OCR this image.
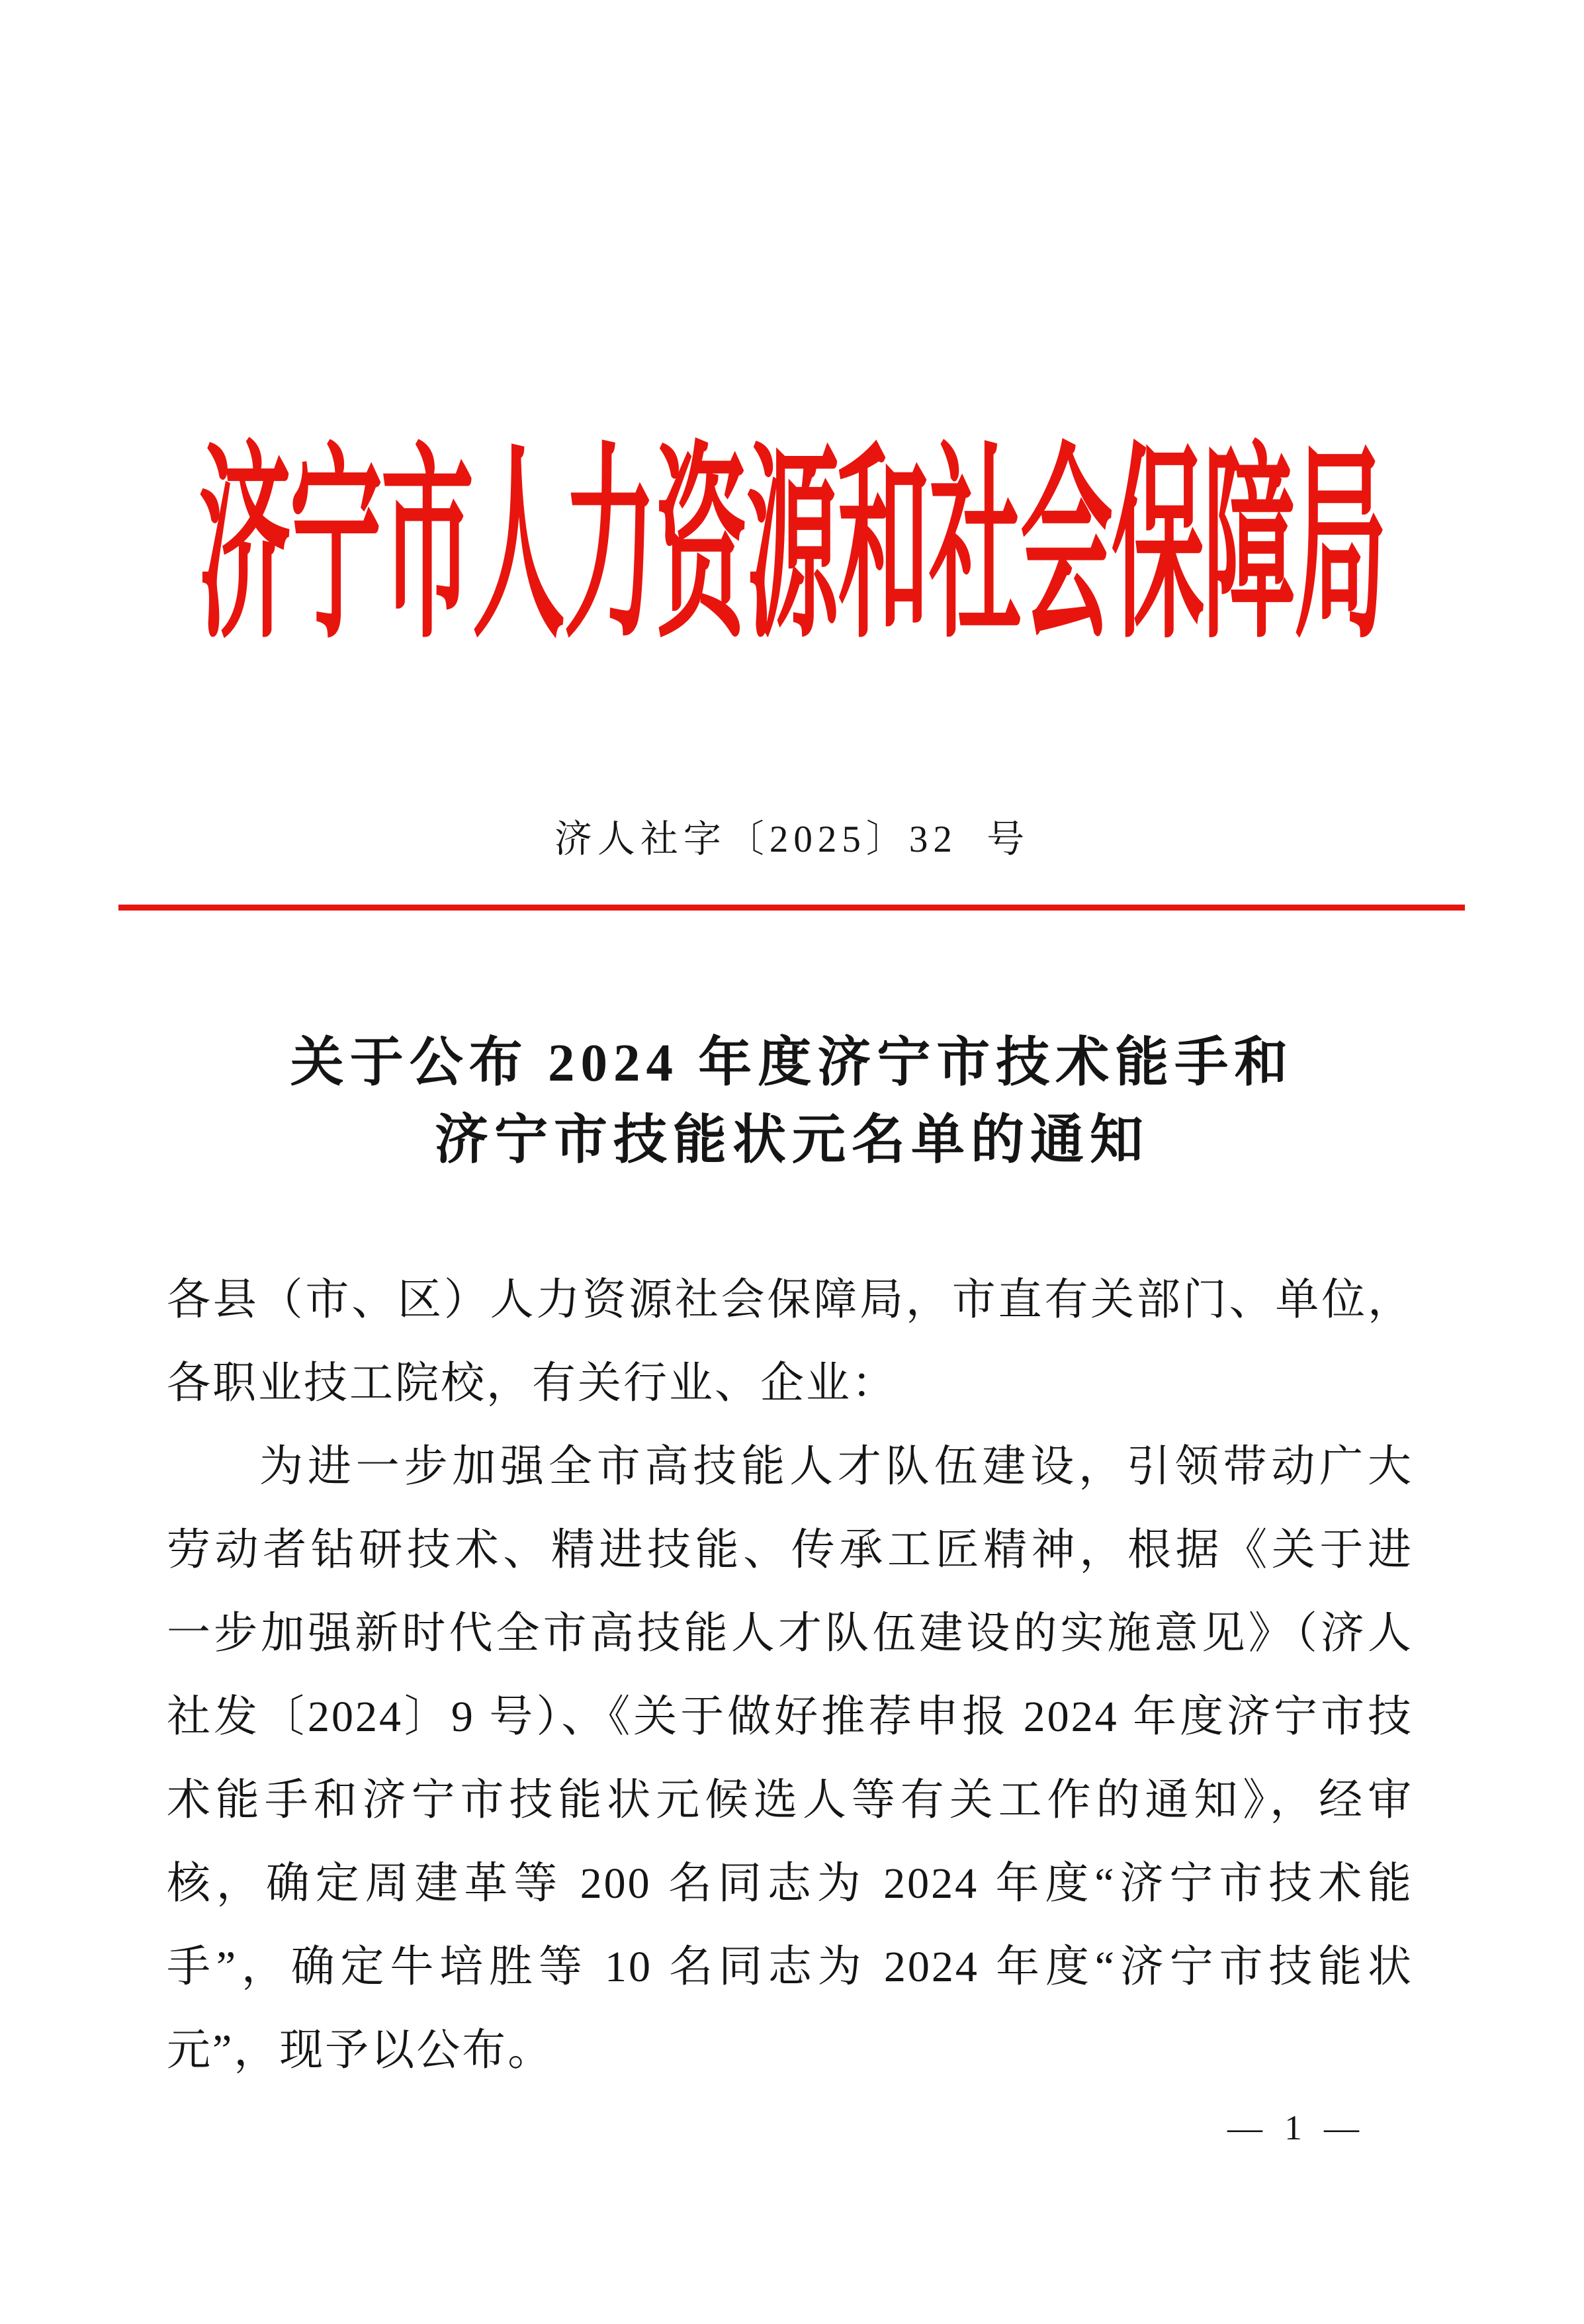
济宁市人力资源和社会保障局
济人社字〔2025〕32 号
关于公布 2024 年度济宁市技术能手和
济宁市技能状元名单的通知
各县（市、区）人力资源社会保障局，市直有关部门、单位，
各职业技工院校，有关行业、企业：
为进一步加强全市高技能人才队伍建设，引领带动广大
劳动者钻研技术、精进技能、传承工匠精神，根据《关于进
一步加强新时代全市高技能人才队伍建设的实施意见》（济人
社发〔2024〕9 号）、《关于做好推荐申报 2024 年度济宁市技
术能手和济宁市技能状元候选人等有关工作的通知》，经审
核，确定周建革等 200 名同志为 2024 年度“济宁市技术能
手”，确定牛培胜等 10 名同志为 2024 年度“济宁市技能状
元”，现予以公布。
— 1 —
